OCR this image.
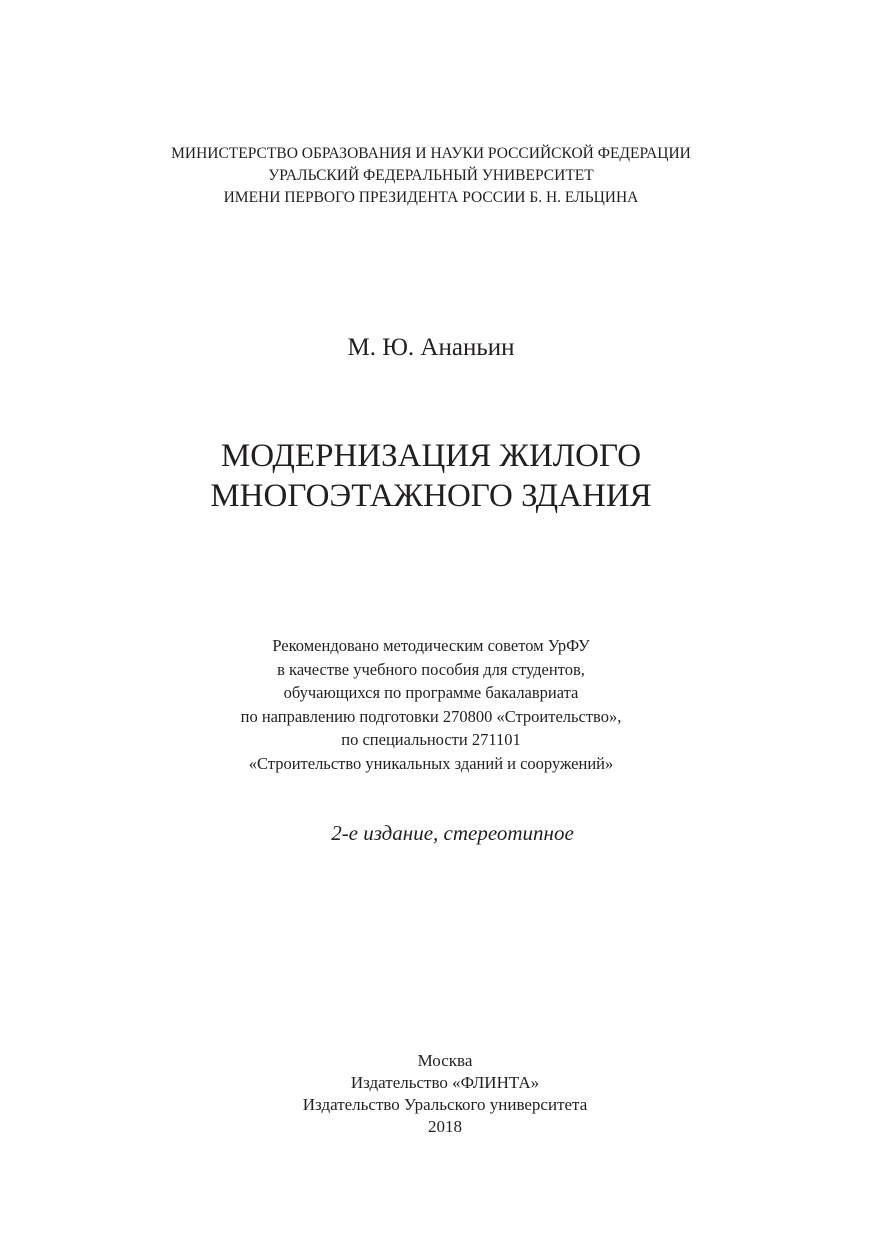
МИНИСТЕРСТВО ОБРАЗОВАНИЯ И НАУКИ РОССИЙСКОЙ ФЕДЕРАЦИИ
УРАЛЬСКИЙ ФЕДЕРАЛЬНЫЙ УНИВЕРСИТЕТ
ИМЕНИ ПЕРВОГО ПРЕЗИДЕНТА РОССИИ Б. Н. ЕЛЬЦИНА
М. Ю. Ананьин
МОДЕРНИЗАЦИЯ ЖИЛОГО
МНОГОЭТАЖНОГО ЗДАНИЯ
Рекомендовано методическим советом УрФУ
в качестве учебного пособия для студентов,
обучающихся по программе бакалавриата
по направлению подготовки 270800 «Строительство»,
по специальности 271101
«Строительство уникальных зданий и сооружений»
2-е издание, стереотипное
Москва
Издательство «ФЛИНТА»
Издательство Уральского университета
2018
